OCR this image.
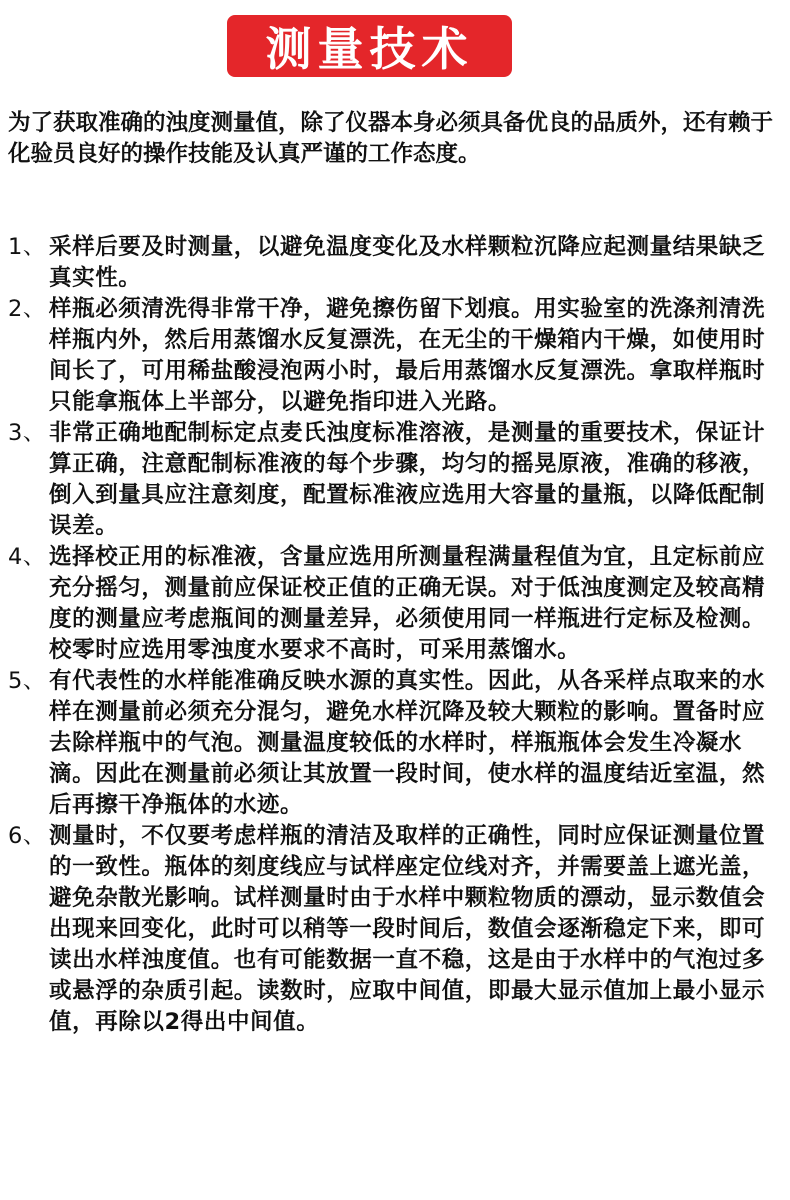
测量技术

为了获取准确的浊度测量值，除了仪器本身必须具备优良的品质外，还有赖于化验员良好的操作技能及认真严谨的工作态度。

1、 采样后要及时测量，以避免温度变化及水样颗粒沉降应起测量结果缺乏真实性。
2、 样瓶必须清洗得非常干净，避免擦伤留下划痕。用实验室的洗涤剂清洗样瓶内外，然后用蒸馏水反复漂洗，在无尘的干燥箱内干燥，如使用时间长了，可用稀盐酸浸泡两小时，最后用蒸馏水反复漂洗。拿取样瓶时只能拿瓶体上半部分，以避免指印进入光路。
3、 非常正确地配制标定点麦氏浊度标准溶液，是测量的重要技术，保证计算正确，注意配制标准液的每个步骤，均匀的摇晃原液，准确的移液，倒入到量具应注意刻度，配置标准液应选用大容量的量瓶，以降低配制误差。
4、 选择校正用的标准液，含量应选用所测量程满量程值为宜，且定标前应充分摇匀，测量前应保证校正值的正确无误。对于低浊度测定及较高精度的测量应考虑瓶间的测量差异，必须使用同一样瓶进行定标及检测。校零时应选用零浊度水要求不高时，可采用蒸馏水。
5、 有代表性的水样能准确反映水源的真实性。因此，从各采样点取来的水样在测量前必须充分混匀，避免水样沉降及较大颗粒的影响。置备时应去除样瓶中的气泡。测量温度较低的水样时，样瓶瓶体会发生冷凝水滴。因此在测量前必须让其放置一段时间，使水样的温度结近室温，然后再擦干净瓶体的水迹。
6、 测量时，不仅要考虑样瓶的清洁及取样的正确性，同时应保证测量位置的一致性。瓶体的刻度线应与试样座定位线对齐，并需要盖上遮光盖，避免杂散光影响。试样测量时由于水样中颗粒物质的漂动，显示数值会出现来回变化，此时可以稍等一段时间后，数值会逐渐稳定下来，即可读出水样浊度值。也有可能数据一直不稳，这是由于水样中的气泡过多或悬浮的杂质引起。读数时，应取中间值，即最大显示值加上最小显示值，再除以2得出中间值。
